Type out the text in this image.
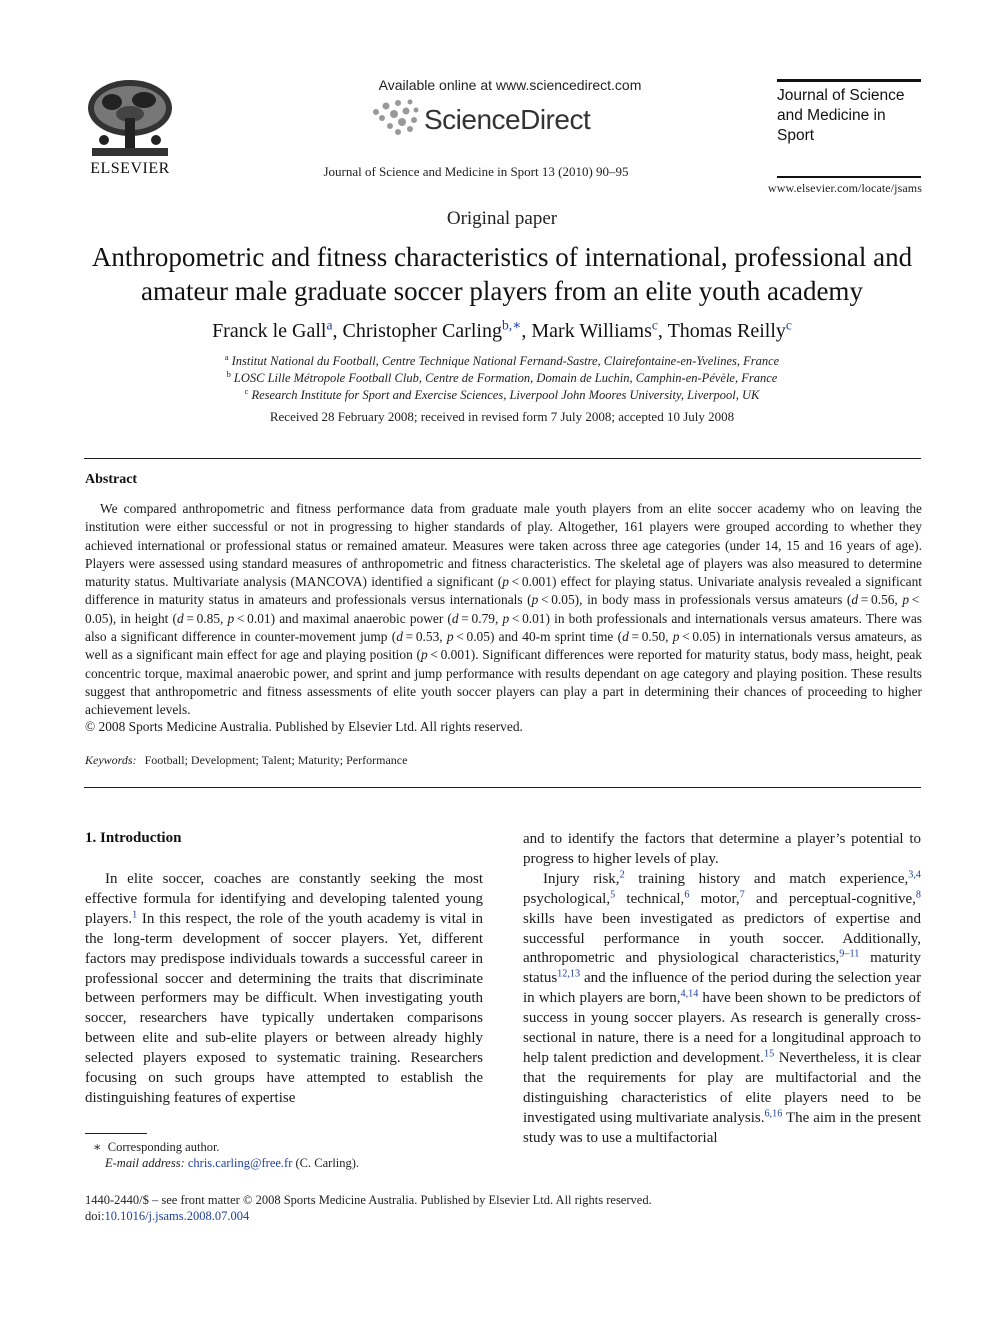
ELSEVIER
Available online at www.sciencedirect.com
ScienceDirect
Journal of Science and Medicine in Sport 13 (2010) 90–95
Journal of Science and Medicine in Sport
www.elsevier.com/locate/jsams
Original paper
Anthropometric and fitness characteristics of international, professional and amateur male graduate soccer players from an elite youth academy
Franck le Gall$^a$, Christopher Carling$^{b,∗}$, Mark Williams$^c$, Thomas Reilly$^c$
$^a$ Institut National du Football, Centre Technique National Fernand-Sastre, Clairefontaine-en-Yvelines, France
$^b$ LOSC Lille Métropole Football Club, Centre de Formation, Domain de Luchin, Camphin-en-Pévèle, France
$^c$ Research Institute for Sport and Exercise Sciences, Liverpool John Moores University, Liverpool, UK
Received 28 February 2008; received in revised form 7 July 2008; accepted 10 July 2008
Abstract
We compared anthropometric and fitness performance data from graduate male youth players from an elite soccer academy who on leaving the institution were either successful or not in progressing to higher standards of play. Altogether, 161 players were grouped according to whether they achieved international or professional status or remained amateur. Measures were taken across three age categories (under 14, 15 and 16 years of age). Players were assessed using standard measures of anthropometric and fitness characteristics. The skeletal age of players was also measured to determine maturity status. Multivariate analysis (MANCOVA) identified a significant (p < 0.001) effect for playing status. Univariate analysis revealed a significant difference in maturity status in amateurs and professionals versus internationals (p < 0.05), in body mass in professionals versus amateurs (d = 0.56, p < 0.05), in height (d = 0.85, p < 0.01) and maximal anaerobic power (d = 0.79, p < 0.01) in both professionals and internationals versus amateurs. There was also a significant difference in counter-movement jump (d = 0.53, p < 0.05) and 40-m sprint time (d = 0.50, p < 0.05) in internationals versus amateurs, as well as a significant main effect for age and playing position (p < 0.001). Significant differences were reported for maturity status, body mass, height, peak concentric torque, maximal anaerobic power, and sprint and jump performance with results dependant on age category and playing position. These results suggest that anthropometric and fitness assessments of elite youth soccer players can play a part in determining their chances of proceeding to higher achievement levels.
© 2008 Sports Medicine Australia. Published by Elsevier Ltd. All rights reserved.
Keywords: Football; Development; Talent; Maturity; Performance
1. Introduction
In elite soccer, coaches are constantly seeking the most effective formula for identifying and developing talented young players.$^1$ In this respect, the role of the youth academy is vital in the long-term development of soccer players. Yet, different factors may predispose individuals towards a successful career in professional soccer and determining the traits that discriminate between performers may be difficult. When investigating youth soccer, researchers have typically undertaken comparisons between elite and sub-elite players or between already highly selected players exposed to systematic training. Researchers focusing on such groups have attempted to establish the distinguishing features of expertise

and to identify the factors that determine a player’s potential to progress to higher levels of play.

Injury risk,$^2$ training history and match experience,$^{3,4}$ psychological,$^5$ technical,$^6$ motor,$^7$ and perceptual-cognitive,$^8$ skills have been investigated as predictors of expertise and successful performance in youth soccer. Additionally, anthropometric and physiological characteristics,$^{9-11}$ maturity status$^{12,13}$ and the influence of the period during the selection year in which players are born,$^{4,14}$ have been shown to be predictors of success in young soccer players. As research is generally cross-sectional in nature, there is a need for a longitudinal approach to help talent prediction and development.$^{15}$ Nevertheless, it is clear that the requirements for play are multifactorial and the distinguishing characteristics of elite players need to be investigated using multivariate analysis.$^{6,16}$ The aim in the present study was to use a multifactorial

∗  Corresponding author.
E-mail address: chris.carling@free.fr (C. Carling).
1440-2440/$ – see front matter © 2008 Sports Medicine Australia. Published by Elsevier Ltd. All rights reserved.
doi:10.1016/j.jsams.2008.07.004
